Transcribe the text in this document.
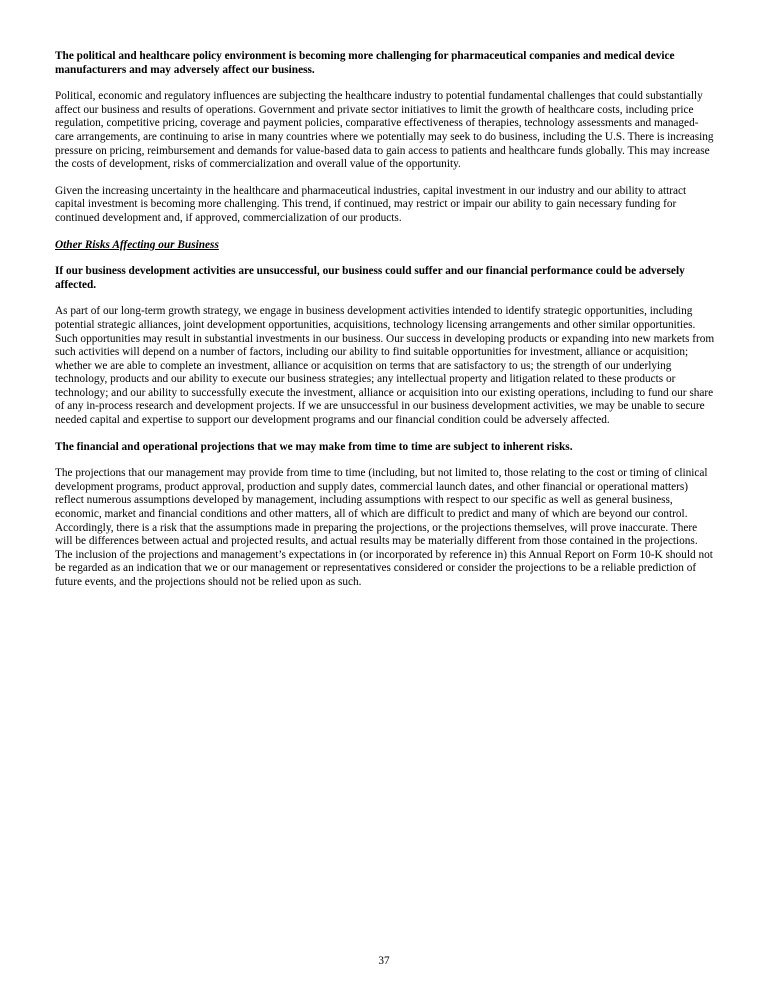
The political and healthcare policy environment is becoming more challenging for pharmaceutical companies and medical device manufacturers and may adversely affect our business.

Political, economic and regulatory influences are subjecting the healthcare industry to potential fundamental challenges that could substantially affect our business and results of operations. Government and private sector initiatives to limit the growth of healthcare costs, including price regulation, competitive pricing, coverage and payment policies, comparative effectiveness of therapies, technology assessments and managed-care arrangements, are continuing to arise in many countries where we potentially may seek to do business, including the U.S. There is increasing pressure on pricing, reimbursement and demands for value-based data to gain access to patients and healthcare funds globally. This may increase the costs of development, risks of commercialization and overall value of the opportunity.

Given the increasing uncertainty in the healthcare and pharmaceutical industries, capital investment in our industry and our ability to attract capital investment is becoming more challenging. This trend, if continued, may restrict or impair our ability to gain necessary funding for continued development and, if approved, commercialization of our products.

Other Risks Affecting our Business

If our business development activities are unsuccessful, our business could suffer and our financial performance could be adversely affected.

As part of our long-term growth strategy, we engage in business development activities intended to identify strategic opportunities, including potential strategic alliances, joint development opportunities, acquisitions, technology licensing arrangements and other similar opportunities. Such opportunities may result in substantial investments in our business. Our success in developing products or expanding into new markets from such activities will depend on a number of factors, including our ability to find suitable opportunities for investment, alliance or acquisition; whether we are able to complete an investment, alliance or acquisition on terms that are satisfactory to us; the strength of our underlying technology, products and our ability to execute our business strategies; any intellectual property and litigation related to these products or technology; and our ability to successfully execute the investment, alliance or acquisition into our existing operations, including to fund our share of any in-process research and development projects. If we are unsuccessful in our business development activities, we may be unable to secure needed capital and expertise to support our development programs and our financial condition could be adversely affected.

The financial and operational projections that we may make from time to time are subject to inherent risks.

The projections that our management may provide from time to time (including, but not limited to, those relating to the cost or timing of clinical development programs, product approval, production and supply dates, commercial launch dates, and other financial or operational matters) reflect numerous assumptions developed by management, including assumptions with respect to our specific as well as general business, economic, market and financial conditions and other matters, all of which are difficult to predict and many of which are beyond our control. Accordingly, there is a risk that the assumptions made in preparing the projections, or the projections themselves, will prove inaccurate. There will be differences between actual and projected results, and actual results may be materially different from those contained in the projections. The inclusion of the projections and management’s expectations in (or incorporated by reference in) this Annual Report on Form 10-K should not be regarded as an indication that we or our management or representatives considered or consider the projections to be a reliable prediction of future events, and the projections should not be relied upon as such.

37
